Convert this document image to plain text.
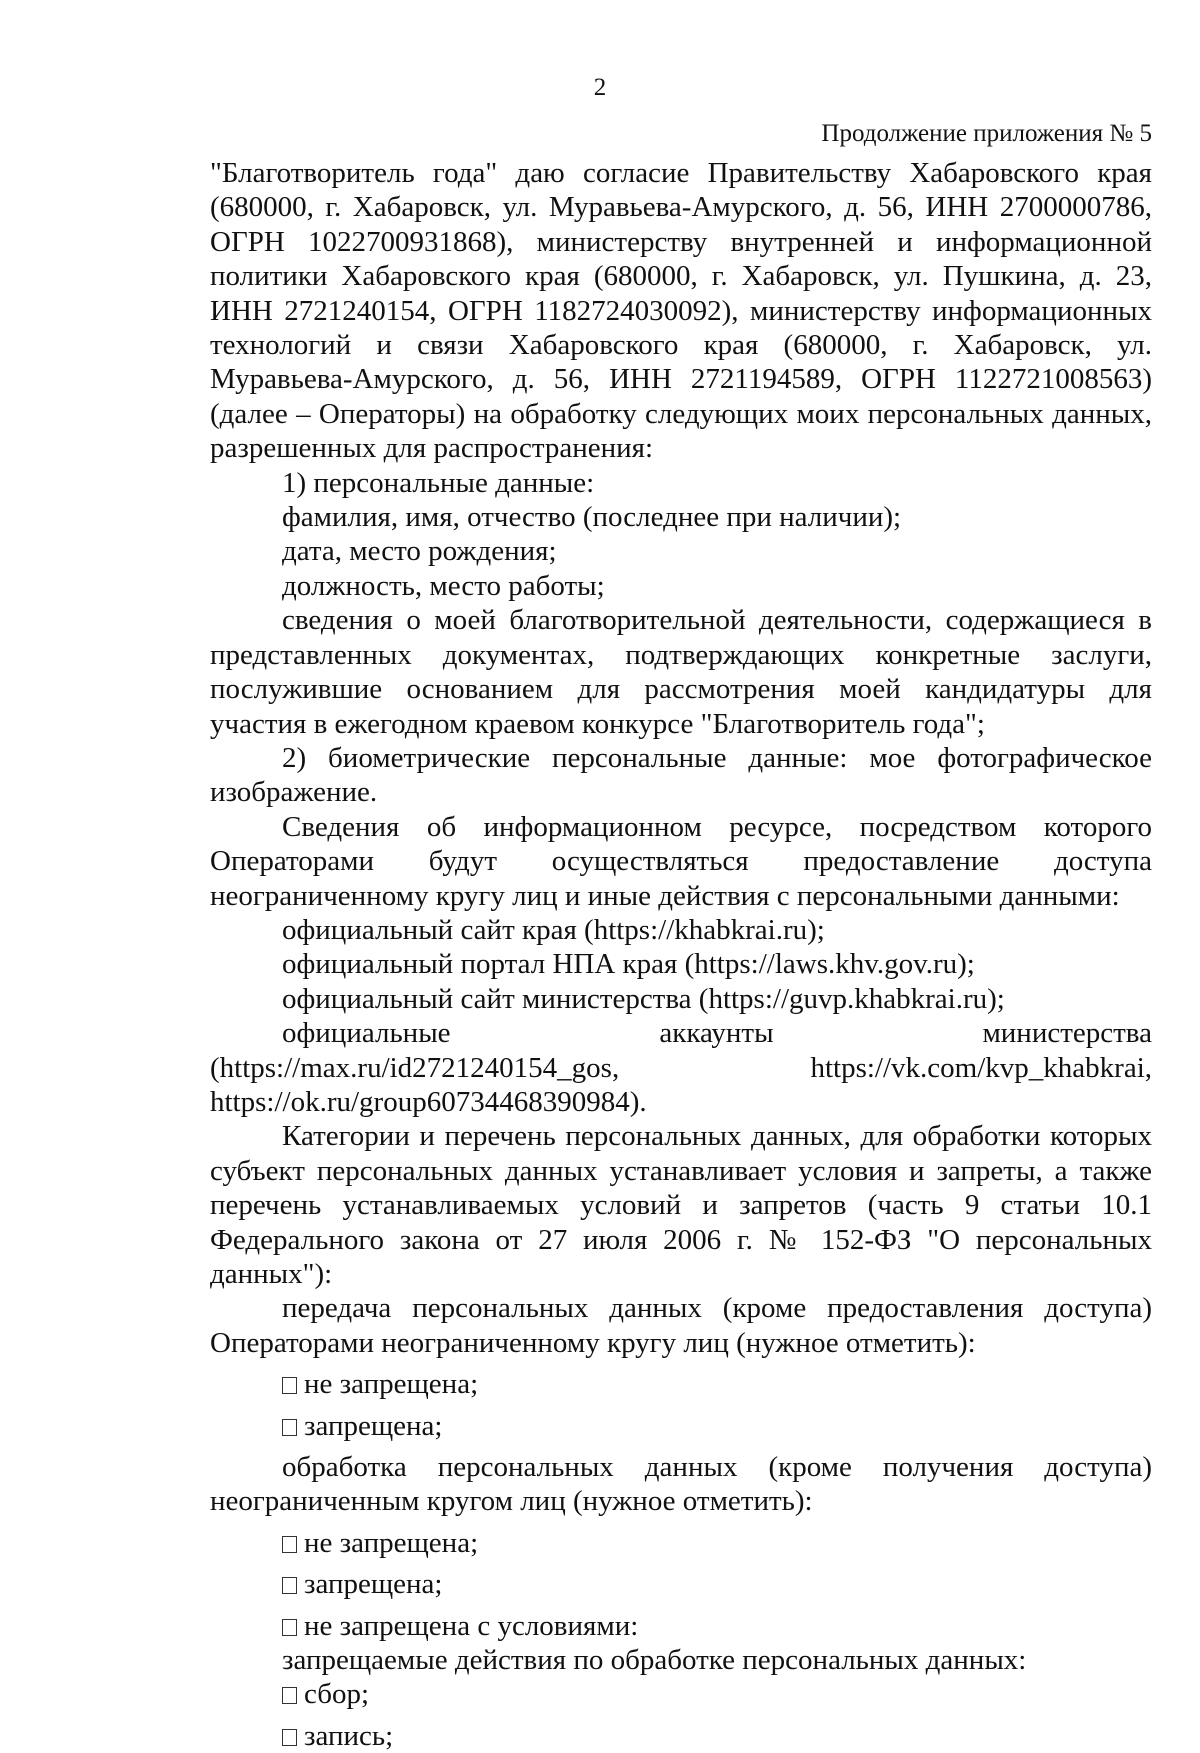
2
Продолжение приложения № 5

"Благотворитель года" даю согласие Правительству Хабаровского края (680000, г. Хабаровск, ул. Муравьева-Амурского, д. 56, ИНН 2700000786, ОГРН 1022700931868), министерству внутренней и информационной политики Хабаровского края (680000, г. Хабаровск, ул. Пушкина, д. 23, ИНН 2721240154, ОГРН 1182724030092), министерству информационных технологий и связи Хабаровского края (680000, г. Хабаровск, ул. Муравьева-Амурского, д. 56, ИНН 2721194589, ОГРН 1122721008563) (далее – Операторы) на обработку следующих моих персональных данных, разрешенных для распространения:

1) персональные данные:

фамилия, имя, отчество (последнее при наличии);

дата, место рождения;

должность, место работы;

сведения о моей благотворительной деятельности, содержащиеся в представленных документах, подтверждающих конкретные заслуги, послужившие основанием для рассмотрения моей кандидатуры для участия в ежегодном краевом конкурсе "Благотворитель года";

2) биометрические персональные данные: мое фотографическое изображение.

Сведения об информационном ресурсе, посредством которого Операторами будут осуществляться предоставление доступа неограниченному кругу лиц и иные действия с персональными данными:

официальный сайт края (https://khabkrai.ru);

официальный портал НПА края (https://laws.khv.gov.ru);

официальный сайт министерства (https://guvp.khabkrai.ru);

официальные аккаунты министерства (https://max.ru/id2721240154_gos, https://vk.com/kvp_khabkrai, https://ok.ru/group60734468390984).

Категории и перечень персональных данных, для обработки которых субъект персональных данных устанавливает условия и запреты, а также перечень устанавливаемых условий и запретов (часть 9 статьи 10.1 Федерального закона от 27 июля 2006 г. № 152-ФЗ "О персональных данных"):

передача персональных данных (кроме предоставления доступа) Операторами неограниченному кругу лиц (нужное отметить):

не запрещена;

запрещена;

обработка персональных данных (кроме получения доступа) неограниченным кругом лиц (нужное отметить):

не запрещена;

запрещена;

не запрещена с условиями:

запрещаемые действия по обработке персональных данных:

сбор;

запись;
